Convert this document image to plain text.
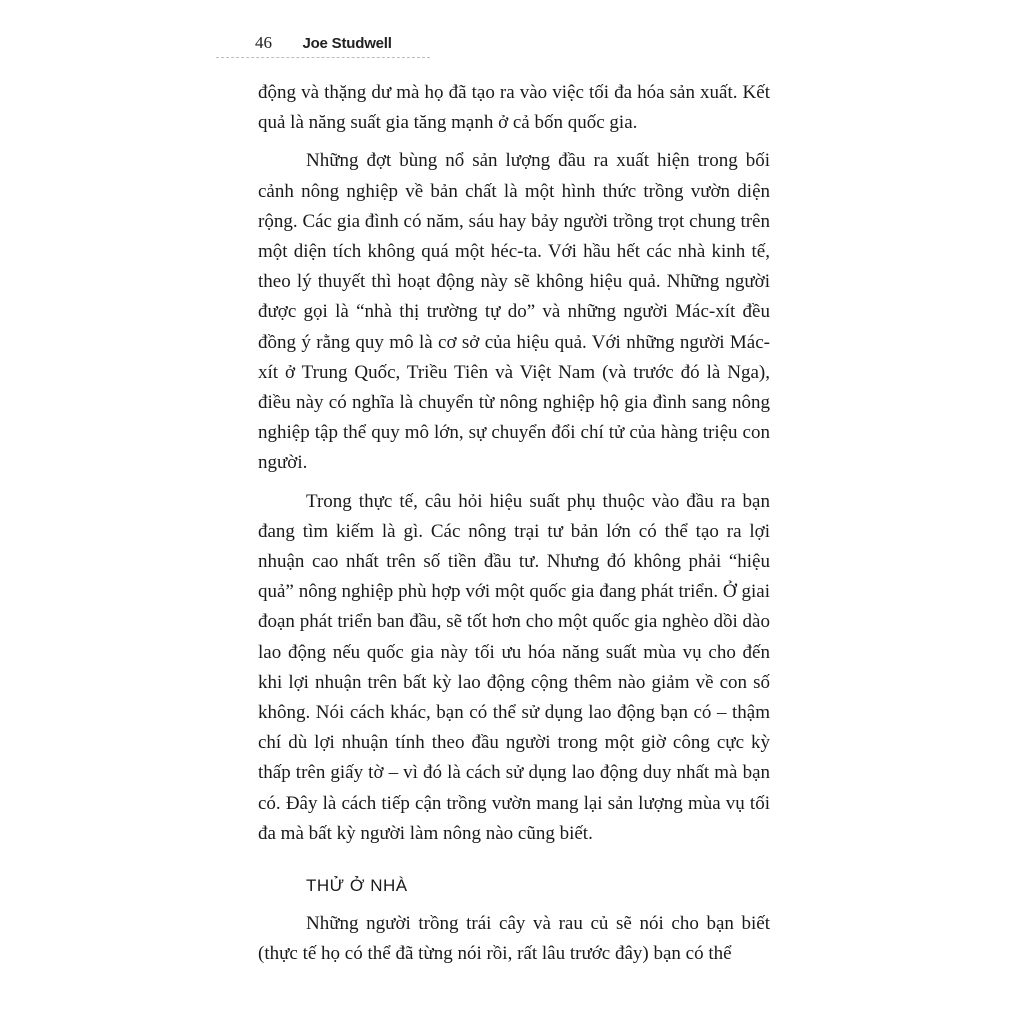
46 Joe Studwell

động và thặng dư mà họ đã tạo ra vào việc tối đa hóa sản xuất. Kết quả là năng suất gia tăng mạnh ở cả bốn quốc gia.

Những đợt bùng nổ sản lượng đầu ra xuất hiện trong bối cảnh nông nghiệp về bản chất là một hình thức trồng vườn diện rộng. Các gia đình có năm, sáu hay bảy người trồng trọt chung trên một diện tích không quá một héc-ta. Với hầu hết các nhà kinh tế, theo lý thuyết thì hoạt động này sẽ không hiệu quả. Những người được gọi là “nhà thị trường tự do” và những người Mác-xít đều đồng ý rằng quy mô là cơ sở của hiệu quả. Với những người Mác-xít ở Trung Quốc, Triều Tiên và Việt Nam (và trước đó là Nga), điều này có nghĩa là chuyển từ nông nghiệp hộ gia đình sang nông nghiệp tập thể quy mô lớn, sự chuyển đổi chí tử của hàng triệu con người.

Trong thực tế, câu hỏi hiệu suất phụ thuộc vào đầu ra bạn đang tìm kiếm là gì. Các nông trại tư bản lớn có thể tạo ra lợi nhuận cao nhất trên số tiền đầu tư. Nhưng đó không phải “hiệu quả” nông nghiệp phù hợp với một quốc gia đang phát triển. Ở giai đoạn phát triển ban đầu, sẽ tốt hơn cho một quốc gia nghèo dồi dào lao động nếu quốc gia này tối ưu hóa năng suất mùa vụ cho đến khi lợi nhuận trên bất kỳ lao động cộng thêm nào giảm về con số không. Nói cách khác, bạn có thể sử dụng lao động bạn có – thậm chí dù lợi nhuận tính theo đầu người trong một giờ công cực kỳ thấp trên giấy tờ – vì đó là cách sử dụng lao động duy nhất mà bạn có. Đây là cách tiếp cận trồng vườn mang lại sản lượng mùa vụ tối đa mà bất kỳ người làm nông nào cũng biết.

THỬ Ở NHÀ

Những người trồng trái cây và rau củ sẽ nói cho bạn biết (thực tế họ có thể đã từng nói rồi, rất lâu trước đây) bạn có thể
